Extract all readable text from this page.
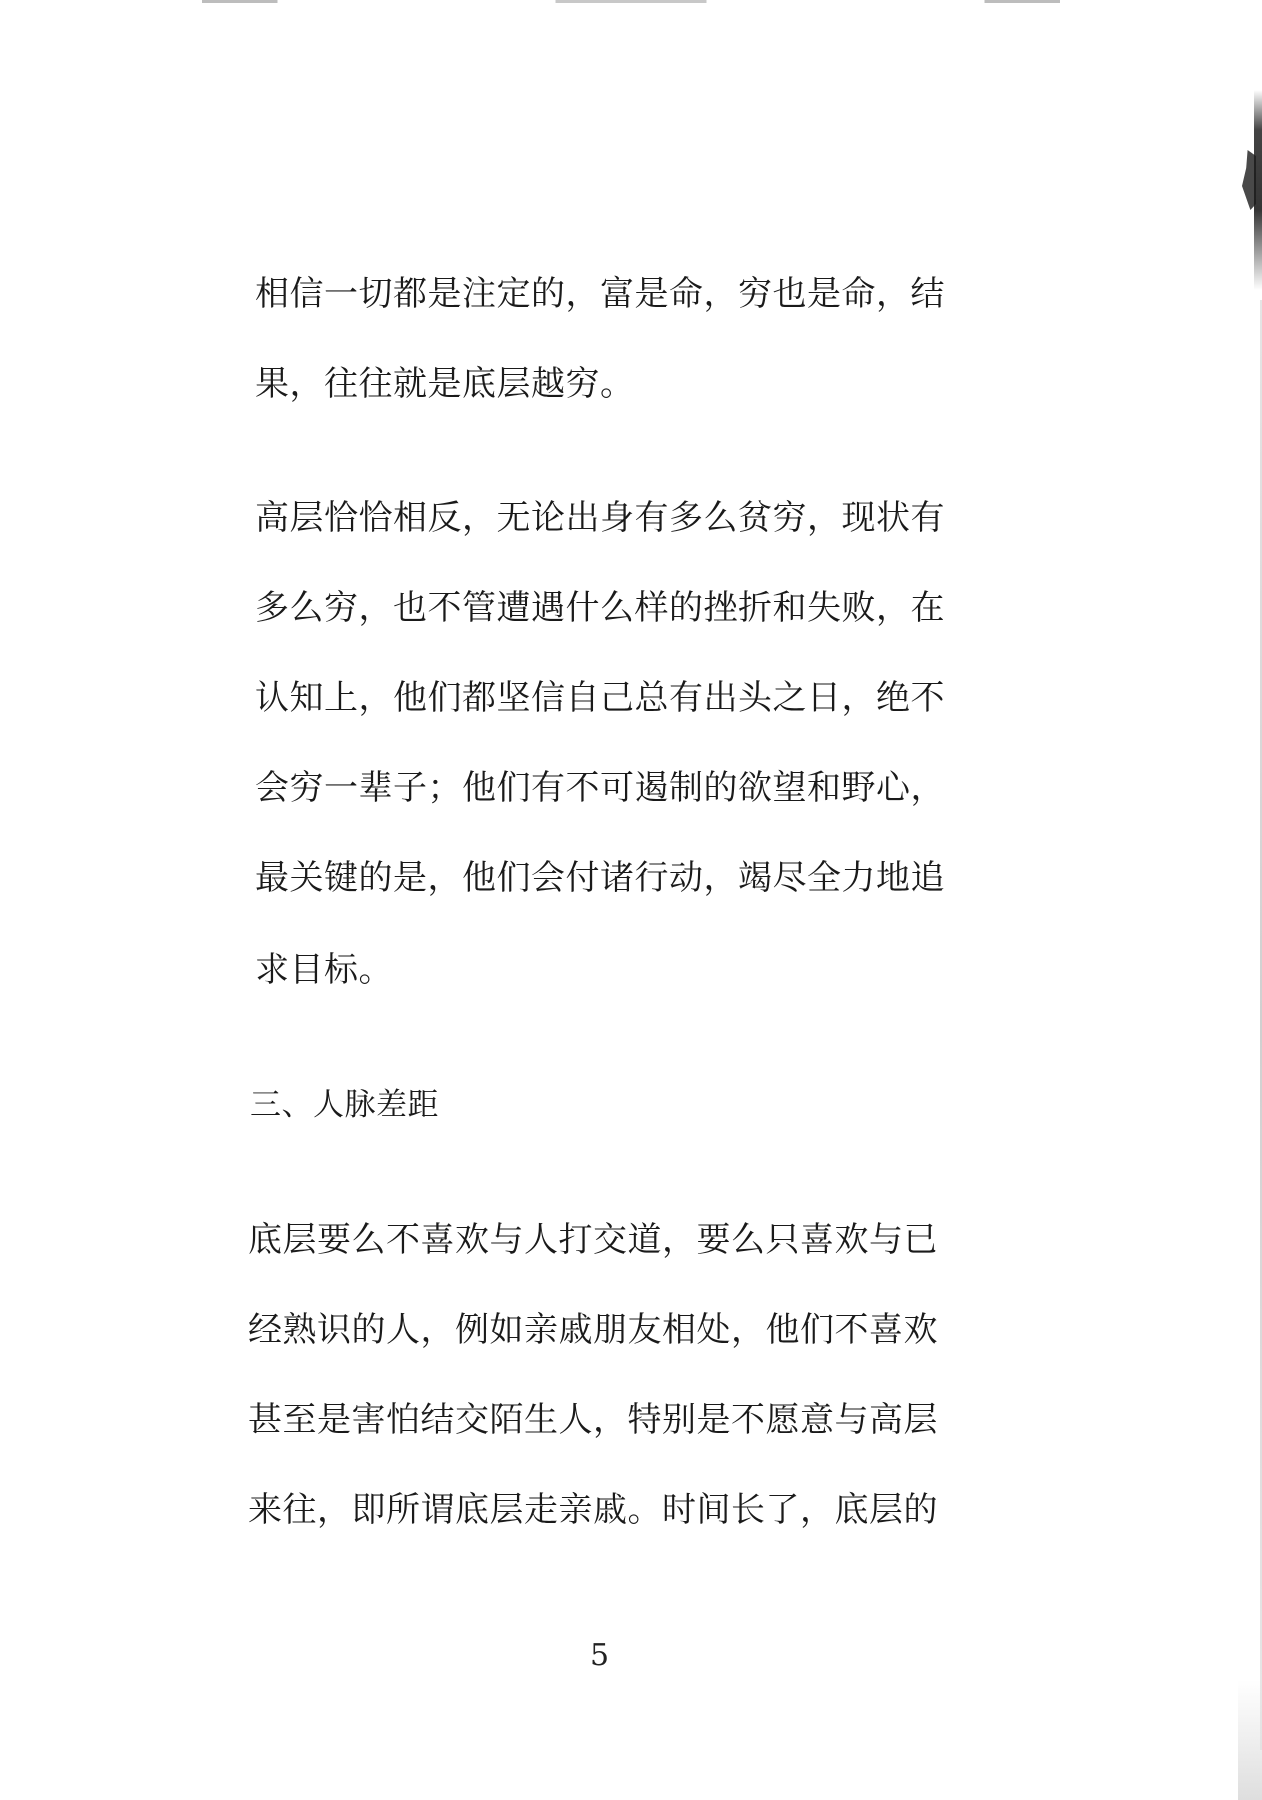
相信一切都是注定的，富是命，穷也是命，结
果，往往就是底层越穷。
高层恰恰相反，无论出身有多么贫穷，现状有
多么穷，也不管遭遇什么样的挫折和失败，在
认知上，他们都坚信自己总有出头之日，绝不
会穷一辈子；他们有不可遏制的欲望和野心，
最关键的是，他们会付诸行动，竭尽全力地追
求目标。
三、人脉差距
底层要么不喜欢与人打交道，要么只喜欢与已
经熟识的人，例如亲戚朋友相处，他们不喜欢
甚至是害怕结交陌生人，特别是不愿意与高层
来往，即所谓底层走亲戚。时间长了，底层的
5
